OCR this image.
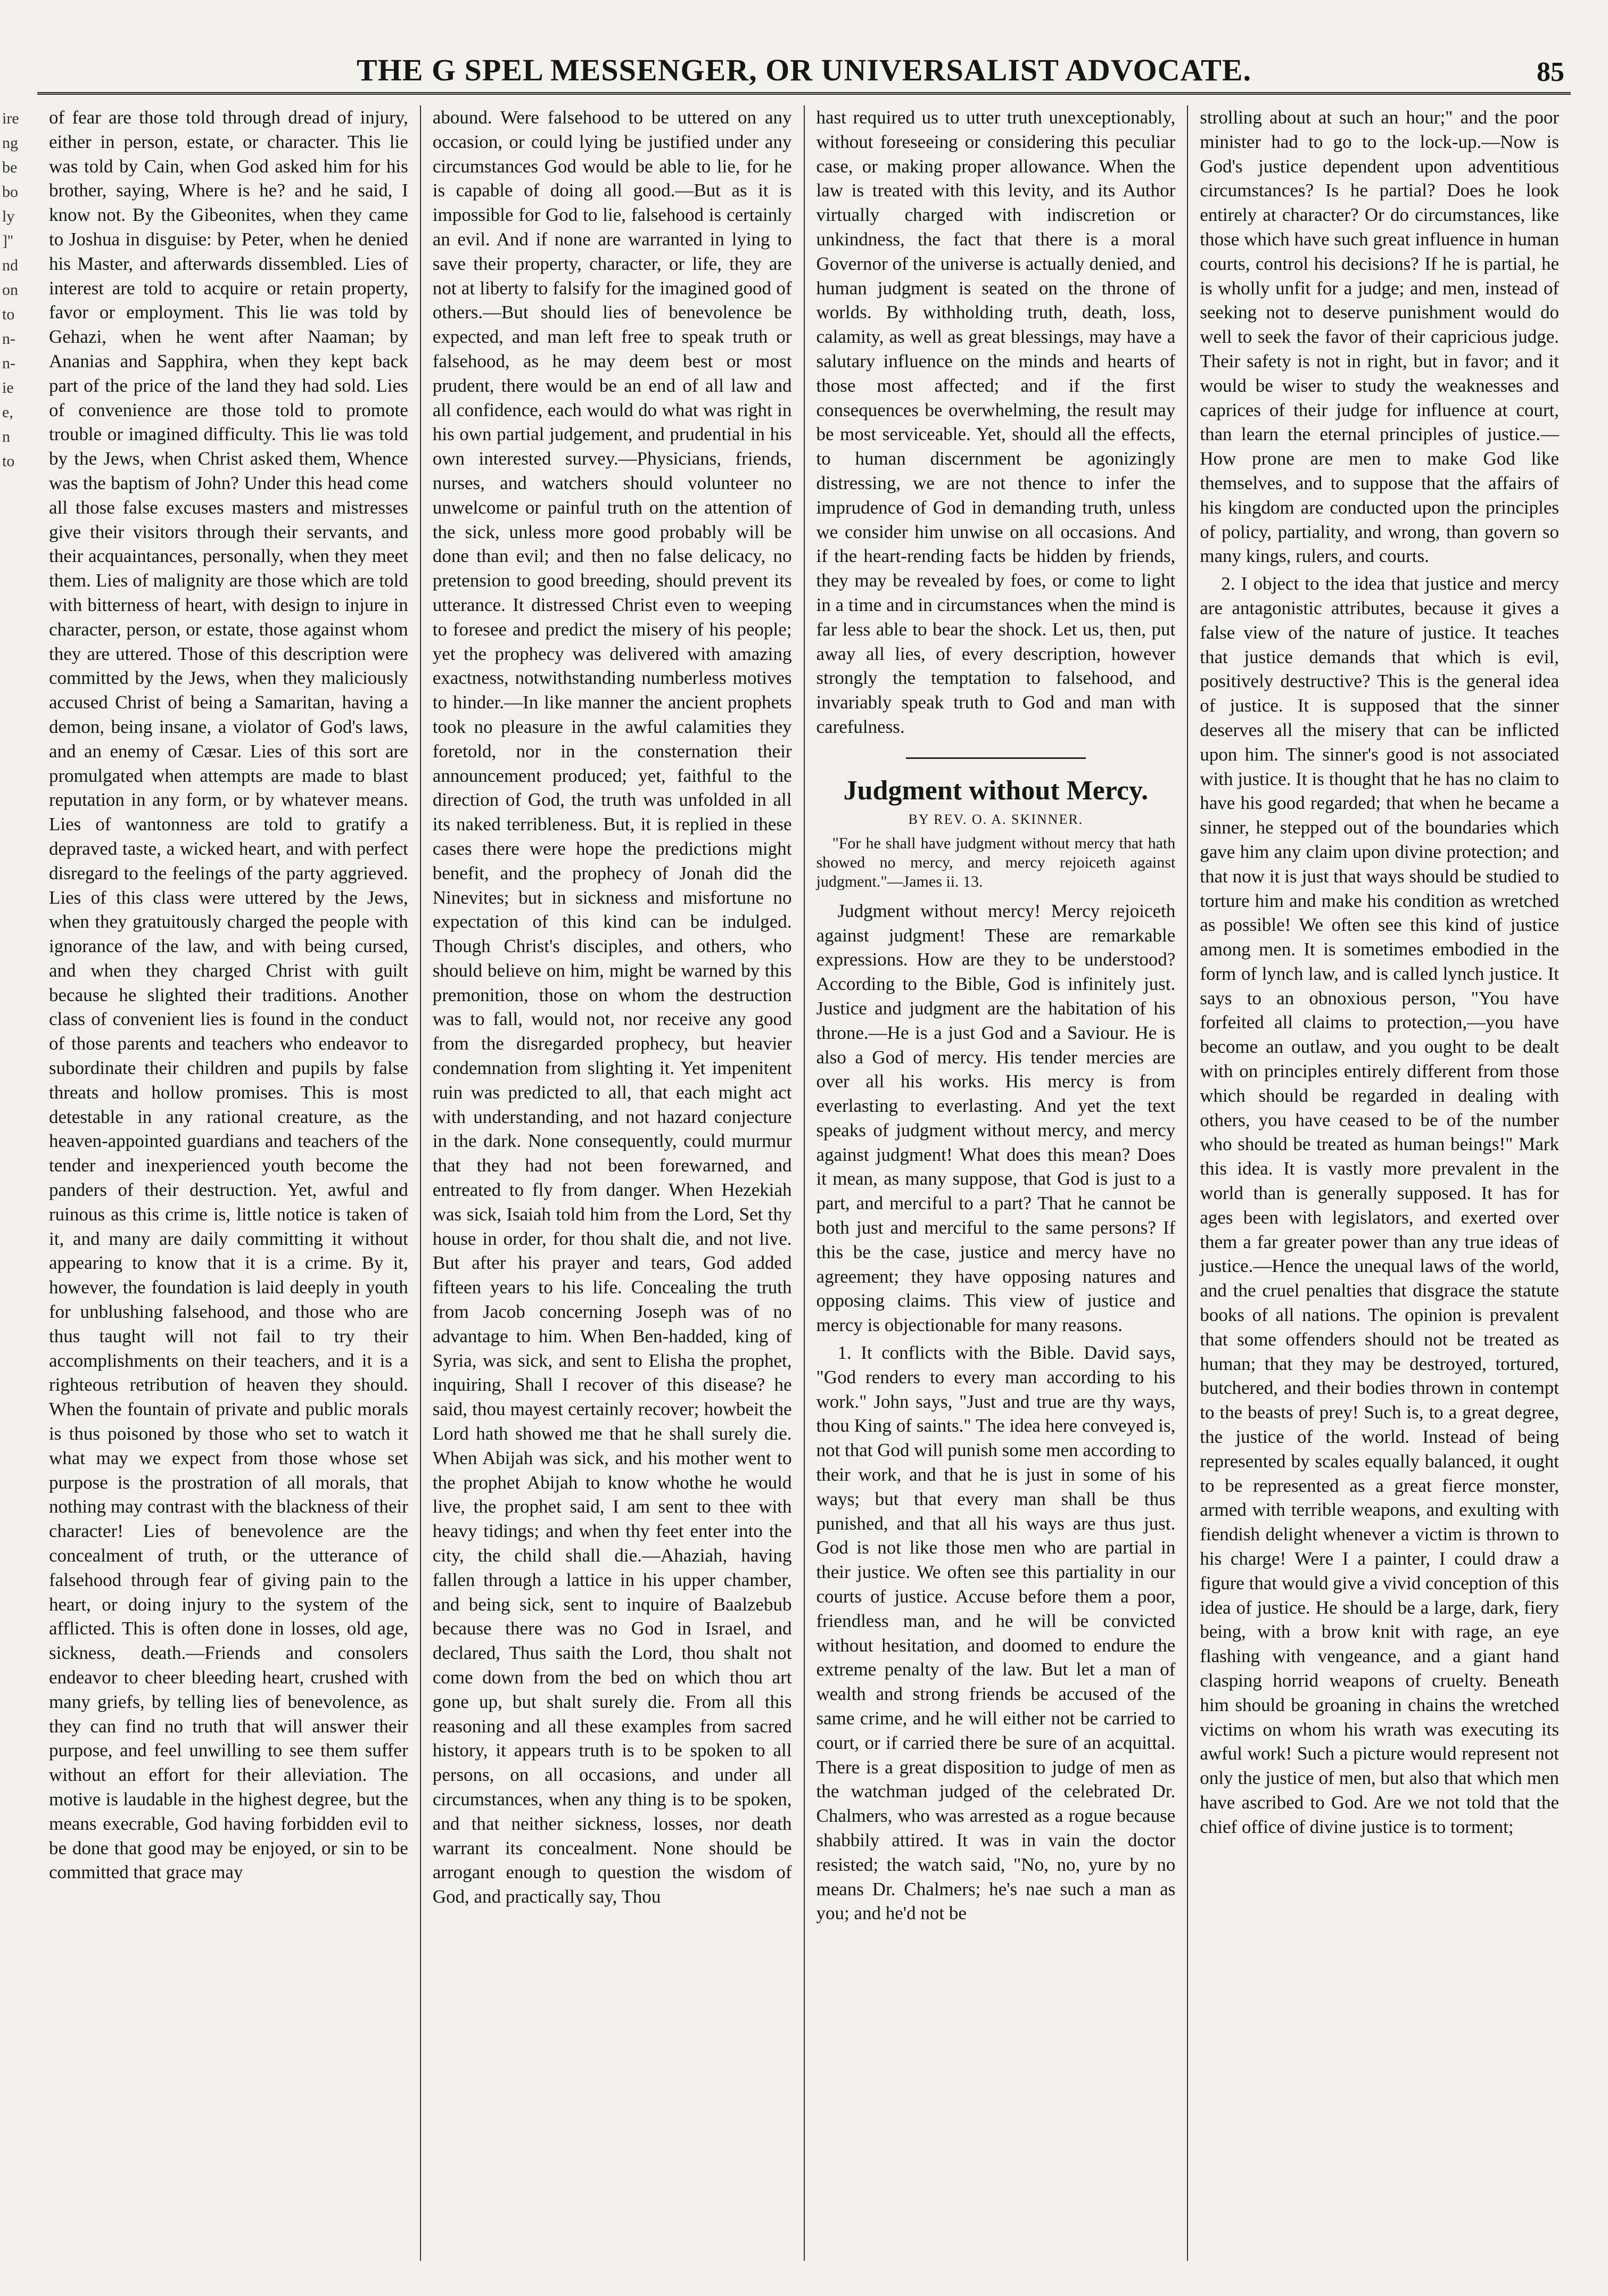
ire
ng
be
bo
ly
]''
nd
on
to
n-
n-
ie
e,
n
to
THE G SPEL MESSENGER, OR UNIVERSALIST ADVOCATE.	85

of fear are those told through dread of injury, either in person, estate, or character. This lie was told by Cain, when God asked him for his brother, saying, Where is he? and he said, I know not. By the Gibeonites, when they came to Joshua in disguise: by Peter, when he denied his Master, and afterwards dissembled. Lies of interest are told to acquire or retain property, favor or employment. This lie was told by Gehazi, when he went after Naaman; by Ananias and Sapphira, when they kept back part of the price of the land they had sold. Lies of convenience are those told to promote trouble or imagined difficulty. This lie was told by the Jews, when Christ asked them, Whence was the baptism of John? Under this head come all those false excuses masters and mistresses give their visitors through their servants, and their acquaintances, personally, when they meet them. Lies of malignity are those which are told with bitterness of heart, with design to injure in character, person, or estate, those against whom they are uttered. Those of this description were committed by the Jews, when they maliciously accused Christ of being a Samaritan, having a demon, being insane, a violator of God's laws, and an enemy of Cæsar. Lies of this sort are promulgated when attempts are made to blast reputation in any form, or by whatever means. Lies of wantonness are told to gratify a depraved taste, a wicked heart, and with perfect disregard to the feelings of the party aggrieved. Lies of this class were uttered by the Jews, when they gratuitously charged the people with ignorance of the law, and with being cursed, and when they charged Christ with guilt because he slighted their traditions. Another class of convenient lies is found in the conduct of those parents and teachers who endeavor to subordinate their children and pupils by false threats and hollow promises. This is most detestable in any rational creature, as the heaven-appointed guardians and teachers of the tender and inexperienced youth become the panders of their destruction. Yet, awful and ruinous as this crime is, little notice is taken of it, and many are daily committing it without appearing to know that it is a crime. By it, however, the foundation is laid deeply in youth for unblushing falsehood, and those who are thus taught will not fail to try their accomplishments on their teachers, and it is a righteous retribution of heaven they should. When the fountain of private and public morals is thus poisoned by those who set to watch it what may we expect from those whose set purpose is the prostration of all morals, that nothing may contrast with the blackness of their character! Lies of benevolence are the concealment of truth, or the utterance of falsehood through fear of giving pain to the heart, or doing injury to the system of the afflicted. This is often done in losses, old age, sickness, death.—Friends and consolers endeavor to cheer bleeding heart, crushed with many griefs, by telling lies of benevolence, as they can find no truth that will answer their purpose, and feel unwilling to see them suffer without an effort for their alleviation. The motive is laudable in the highest degree, but the means execrable, God having forbidden evil to be done that good may be enjoyed, or sin to be committed that grace may

abound. Were falsehood to be uttered on any occasion, or could lying be justified under any circumstances God would be able to lie, for he is capable of doing all good.—But as it is impossible for God to lie, falsehood is certainly an evil. And if none are warranted in lying to save their property, character, or life, they are not at liberty to falsify for the imagined good of others.—But should lies of benevolence be expected, and man left free to speak truth or falsehood, as he may deem best or most prudent, there would be an end of all law and all confidence, each would do what was right in his own partial judgement, and prudential in his own interested survey.—Physicians, friends, nurses, and watchers should volunteer no unwelcome or painful truth on the attention of the sick, unless more good probably will be done than evil; and then no false delicacy, no pretension to good breeding, should prevent its utterance. It distressed Christ even to weeping to foresee and predict the misery of his people; yet the prophecy was delivered with amazing exactness, notwithstanding numberless motives to hinder.—In like manner the ancient prophets took no pleasure in the awful calamities they foretold, nor in the consternation their announcement produced; yet, faithful to the direction of God, the truth was unfolded in all its naked terribleness. But, it is replied in these cases there were hope the predictions might benefit, and the prophecy of Jonah did the Ninevites; but in sickness and misfortune no expectation of this kind can be indulged. Though Christ's disciples, and others, who should believe on him, might be warned by this premonition, those on whom the destruction was to fall, would not, nor receive any good from the disregarded prophecy, but heavier condemnation from slighting it. Yet impenitent ruin was predicted to all, that each might act with understanding, and not hazard conjecture in the dark. None consequently, could murmur that they had not been forewarned, and entreated to fly from danger. When Hezekiah was sick, Isaiah told him from the Lord, Set thy house in order, for thou shalt die, and not live. But after his prayer and tears, God added fifteen years to his life. Concealing the truth from Jacob concerning Joseph was of no advantage to him. When Ben-hadded, king of Syria, was sick, and sent to Elisha the prophet, inquiring, Shall I recover of this disease? he said, thou mayest certainly recover; howbeit the Lord hath showed me that he shall surely die. When Abijah was sick, and his mother went to the prophet Abijah to know whothe he would live, the prophet said, I am sent to thee with heavy tidings; and when thy feet enter into the city, the child shall die.—Ahaziah, having fallen through a lattice in his upper chamber, and being sick, sent to inquire of Baalzebub because there was no God in Israel, and declared, Thus saith the Lord, thou shalt not come down from the bed on which thou art gone up, but shalt surely die. From all this reasoning and all these examples from sacred history, it appears truth is to be spoken to all persons, on all occasions, and under all circumstances, when any thing is to be spoken, and that neither sickness, losses, nor death warrant its concealment. None should be arrogant enough to question the wisdom of God, and practically say, Thou

hast required us to utter truth unexceptionably, without foreseeing or considering this peculiar case, or making proper allowance. When the law is treated with this levity, and its Author virtually charged with indiscretion or unkindness, the fact that there is a moral Governor of the universe is actually denied, and human judgment is seated on the throne of worlds. By withholding truth, death, loss, calamity, as well as great blessings, may have a salutary influence on the minds and hearts of those most affected; and if the first consequences be overwhelming, the result may be most serviceable. Yet, should all the effects, to human discernment be agonizingly distressing, we are not thence to infer the imprudence of God in demanding truth, unless we consider him unwise on all occasions. And if the heart-rending facts be hidden by friends, they may be revealed by foes, or come to light in a time and in circumstances when the mind is far less able to bear the shock. Let us, then, put away all lies, of every description, however strongly the temptation to falsehood, and invariably speak truth to God and man with carefulness.

Judgment without Mercy.
BY REV. O. A. SKINNER.
"For he shall have judgment without mercy that hath showed no mercy, and mercy rejoiceth against judgment."—James ii. 13.

Judgment without mercy! Mercy rejoiceth against judgment! These are remarkable expressions. How are they to be understood? According to the Bible, God is infinitely just. Justice and judgment are the habitation of his throne.—He is a just God and a Saviour. He is also a God of mercy. His tender mercies are over all his works. His mercy is from everlasting to everlasting. And yet the text speaks of judgment without mercy, and mercy against judgment! What does this mean? Does it mean, as many suppose, that God is just to a part, and merciful to a part? That he cannot be both just and merciful to the same persons? If this be the case, justice and mercy have no agreement; they have opposing natures and opposing claims. This view of justice and mercy is objectionable for many reasons.

1. It conflicts with the Bible. David says, "God renders to every man according to his work." John says, "Just and true are thy ways, thou King of saints." The idea here conveyed is, not that God will punish some men according to their work, and that he is just in some of his ways; but that every man shall be thus punished, and that all his ways are thus just. God is not like those men who are partial in their justice. We often see this partiality in our courts of justice. Accuse before them a poor, friendless man, and he will be convicted without hesitation, and doomed to endure the extreme penalty of the law. But let a man of wealth and strong friends be accused of the same crime, and he will either not be carried to court, or if carried there be sure of an acquittal. There is a great disposition to judge of men as the watchman judged of the celebrated Dr. Chalmers, who was arrested as a rogue because shabbily attired. It was in vain the doctor resisted; the watch said, "No, no, yure by no means Dr. Chalmers; he's nae such a man as you; and he'd not be

strolling about at such an hour;" and the poor minister had to go to the lock-up.—Now is God's justice dependent upon adventitious circumstances? Is he partial? Does he look entirely at character? Or do circumstances, like those which have such great influence in human courts, control his decisions? If he is partial, he is wholly unfit for a judge; and men, instead of seeking not to deserve punishment would do well to seek the favor of their capricious judge. Their safety is not in right, but in favor; and it would be wiser to study the weaknesses and caprices of their judge for influence at court, than learn the eternal principles of justice.—How prone are men to make God like themselves, and to suppose that the affairs of his kingdom are conducted upon the principles of policy, partiality, and wrong, than govern so many kings, rulers, and courts.

2. I object to the idea that justice and mercy are antagonistic attributes, because it gives a false view of the nature of justice. It teaches that justice demands that which is evil, positively destructive? This is the general idea of justice. It is supposed that the sinner deserves all the misery that can be inflicted upon him. The sinner's good is not associated with justice. It is thought that he has no claim to have his good regarded; that when he became a sinner, he stepped out of the boundaries which gave him any claim upon divine protection; and that now it is just that ways should be studied to torture him and make his condition as wretched as possible! We often see this kind of justice among men. It is sometimes embodied in the form of lynch law, and is called lynch justice. It says to an obnoxious person, "You have forfeited all claims to protection,—you have become an outlaw, and you ought to be dealt with on principles entirely different from those which should be regarded in dealing with others, you have ceased to be of the number who should be treated as human beings!" Mark this idea. It is vastly more prevalent in the world than is generally supposed. It has for ages been with legislators, and exerted over them a far greater power than any true ideas of justice.—Hence the unequal laws of the world, and the cruel penalties that disgrace the statute books of all nations. The opinion is prevalent that some offenders should not be treated as human; that they may be destroyed, tortured, butchered, and their bodies thrown in contempt to the beasts of prey! Such is, to a great degree, the justice of the world. Instead of being represented by scales equally balanced, it ought to be represented as a great fierce monster, armed with terrible weapons, and exulting with fiendish delight whenever a victim is thrown to his charge! Were I a painter, I could draw a figure that would give a vivid conception of this idea of justice. He should be a large, dark, fiery being, with a brow knit with rage, an eye flashing with vengeance, and a giant hand clasping horrid weapons of cruelty. Beneath him should be groaning in chains the wretched victims on whom his wrath was executing its awful work! Such a picture would represent not only the justice of men, but also that which men have ascribed to God. Are we not told that the chief office of divine justice is to torment;
